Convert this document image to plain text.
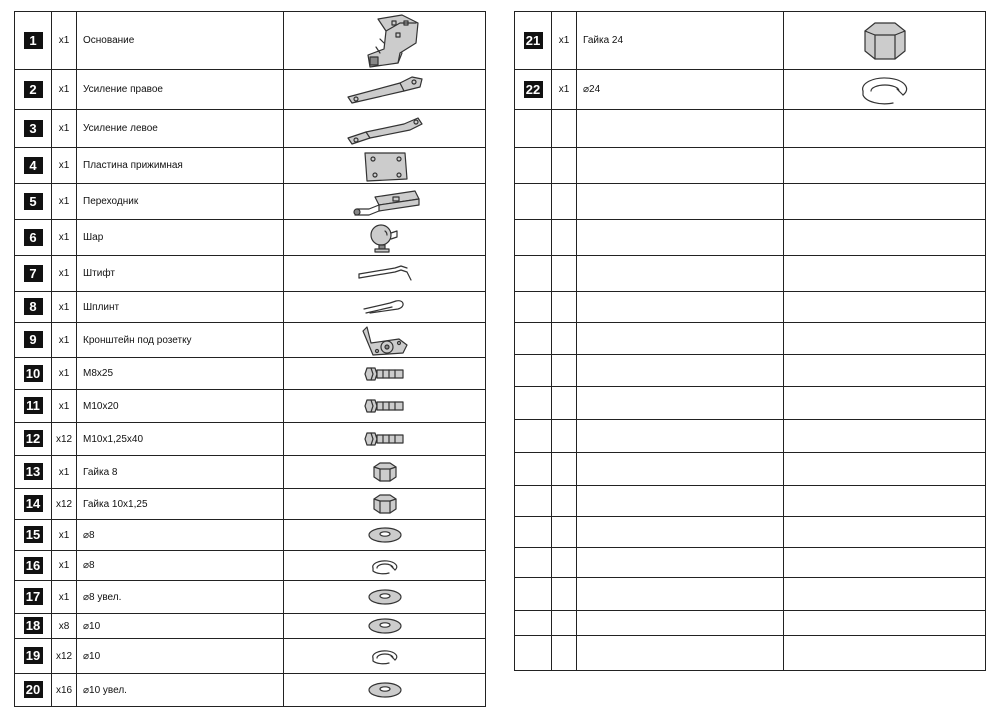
1	x1	Основание	

2	x1	Усиление правое	

3	x1	Усиление левое	

4	x1	Пластина прижимная	

5	x1	Переходник	

6	x1	Шар	

7	x1	Штифт	

8	x1	Шплинт	

9	x1	Кронштейн под розетку	

10	x1	M8x25	

11	x1	M10x20	

12	x12	M10x1,25x40	

13	x1	Гайка 8	

14	x12	Гайка 10x1,25	

15	x1	⌀8	

16	x1	⌀8	

17	x1	⌀8 увел.	

18	x8	⌀10	

19	x12	⌀10	

20	x16	⌀10 увел.	
21	x1	Гайка 24	

22	x1	⌀24	
